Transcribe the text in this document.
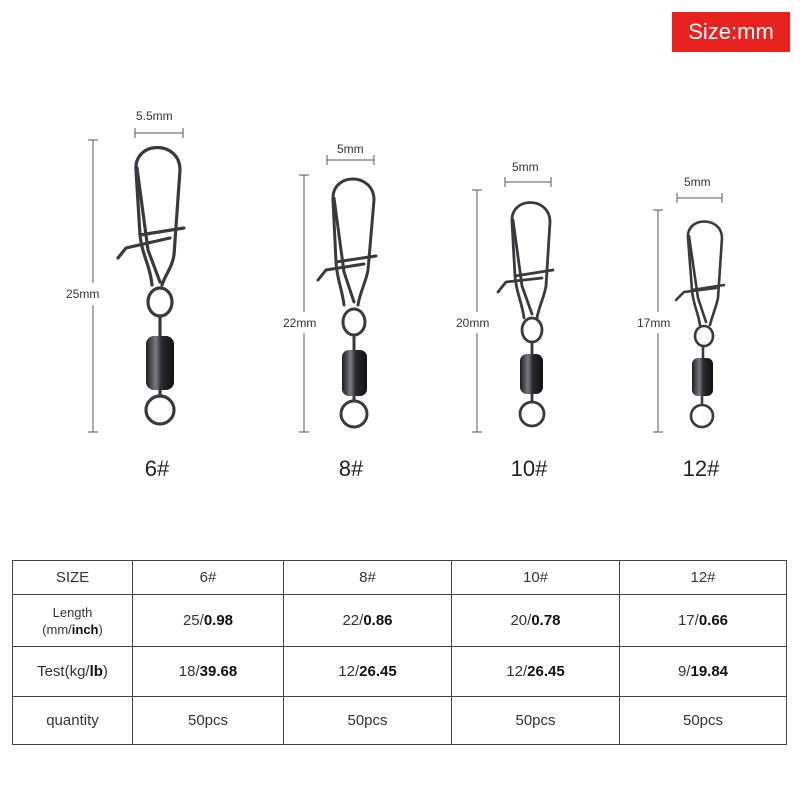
Size:mm
5.5mm
25mm
5mm
22mm
5mm
20mm
5mm
17mm
6#	8#	10#	12#
SIZE	6#	8#	10#	12#

Length
(mm/inch)	25/0.98	22/0.86	20/0.78	17/0.66
Test(kg/lb)	18/39.68	12/26.45	12/26.45	9/19.84
quantity	50pcs	50pcs	50pcs	50pcs
